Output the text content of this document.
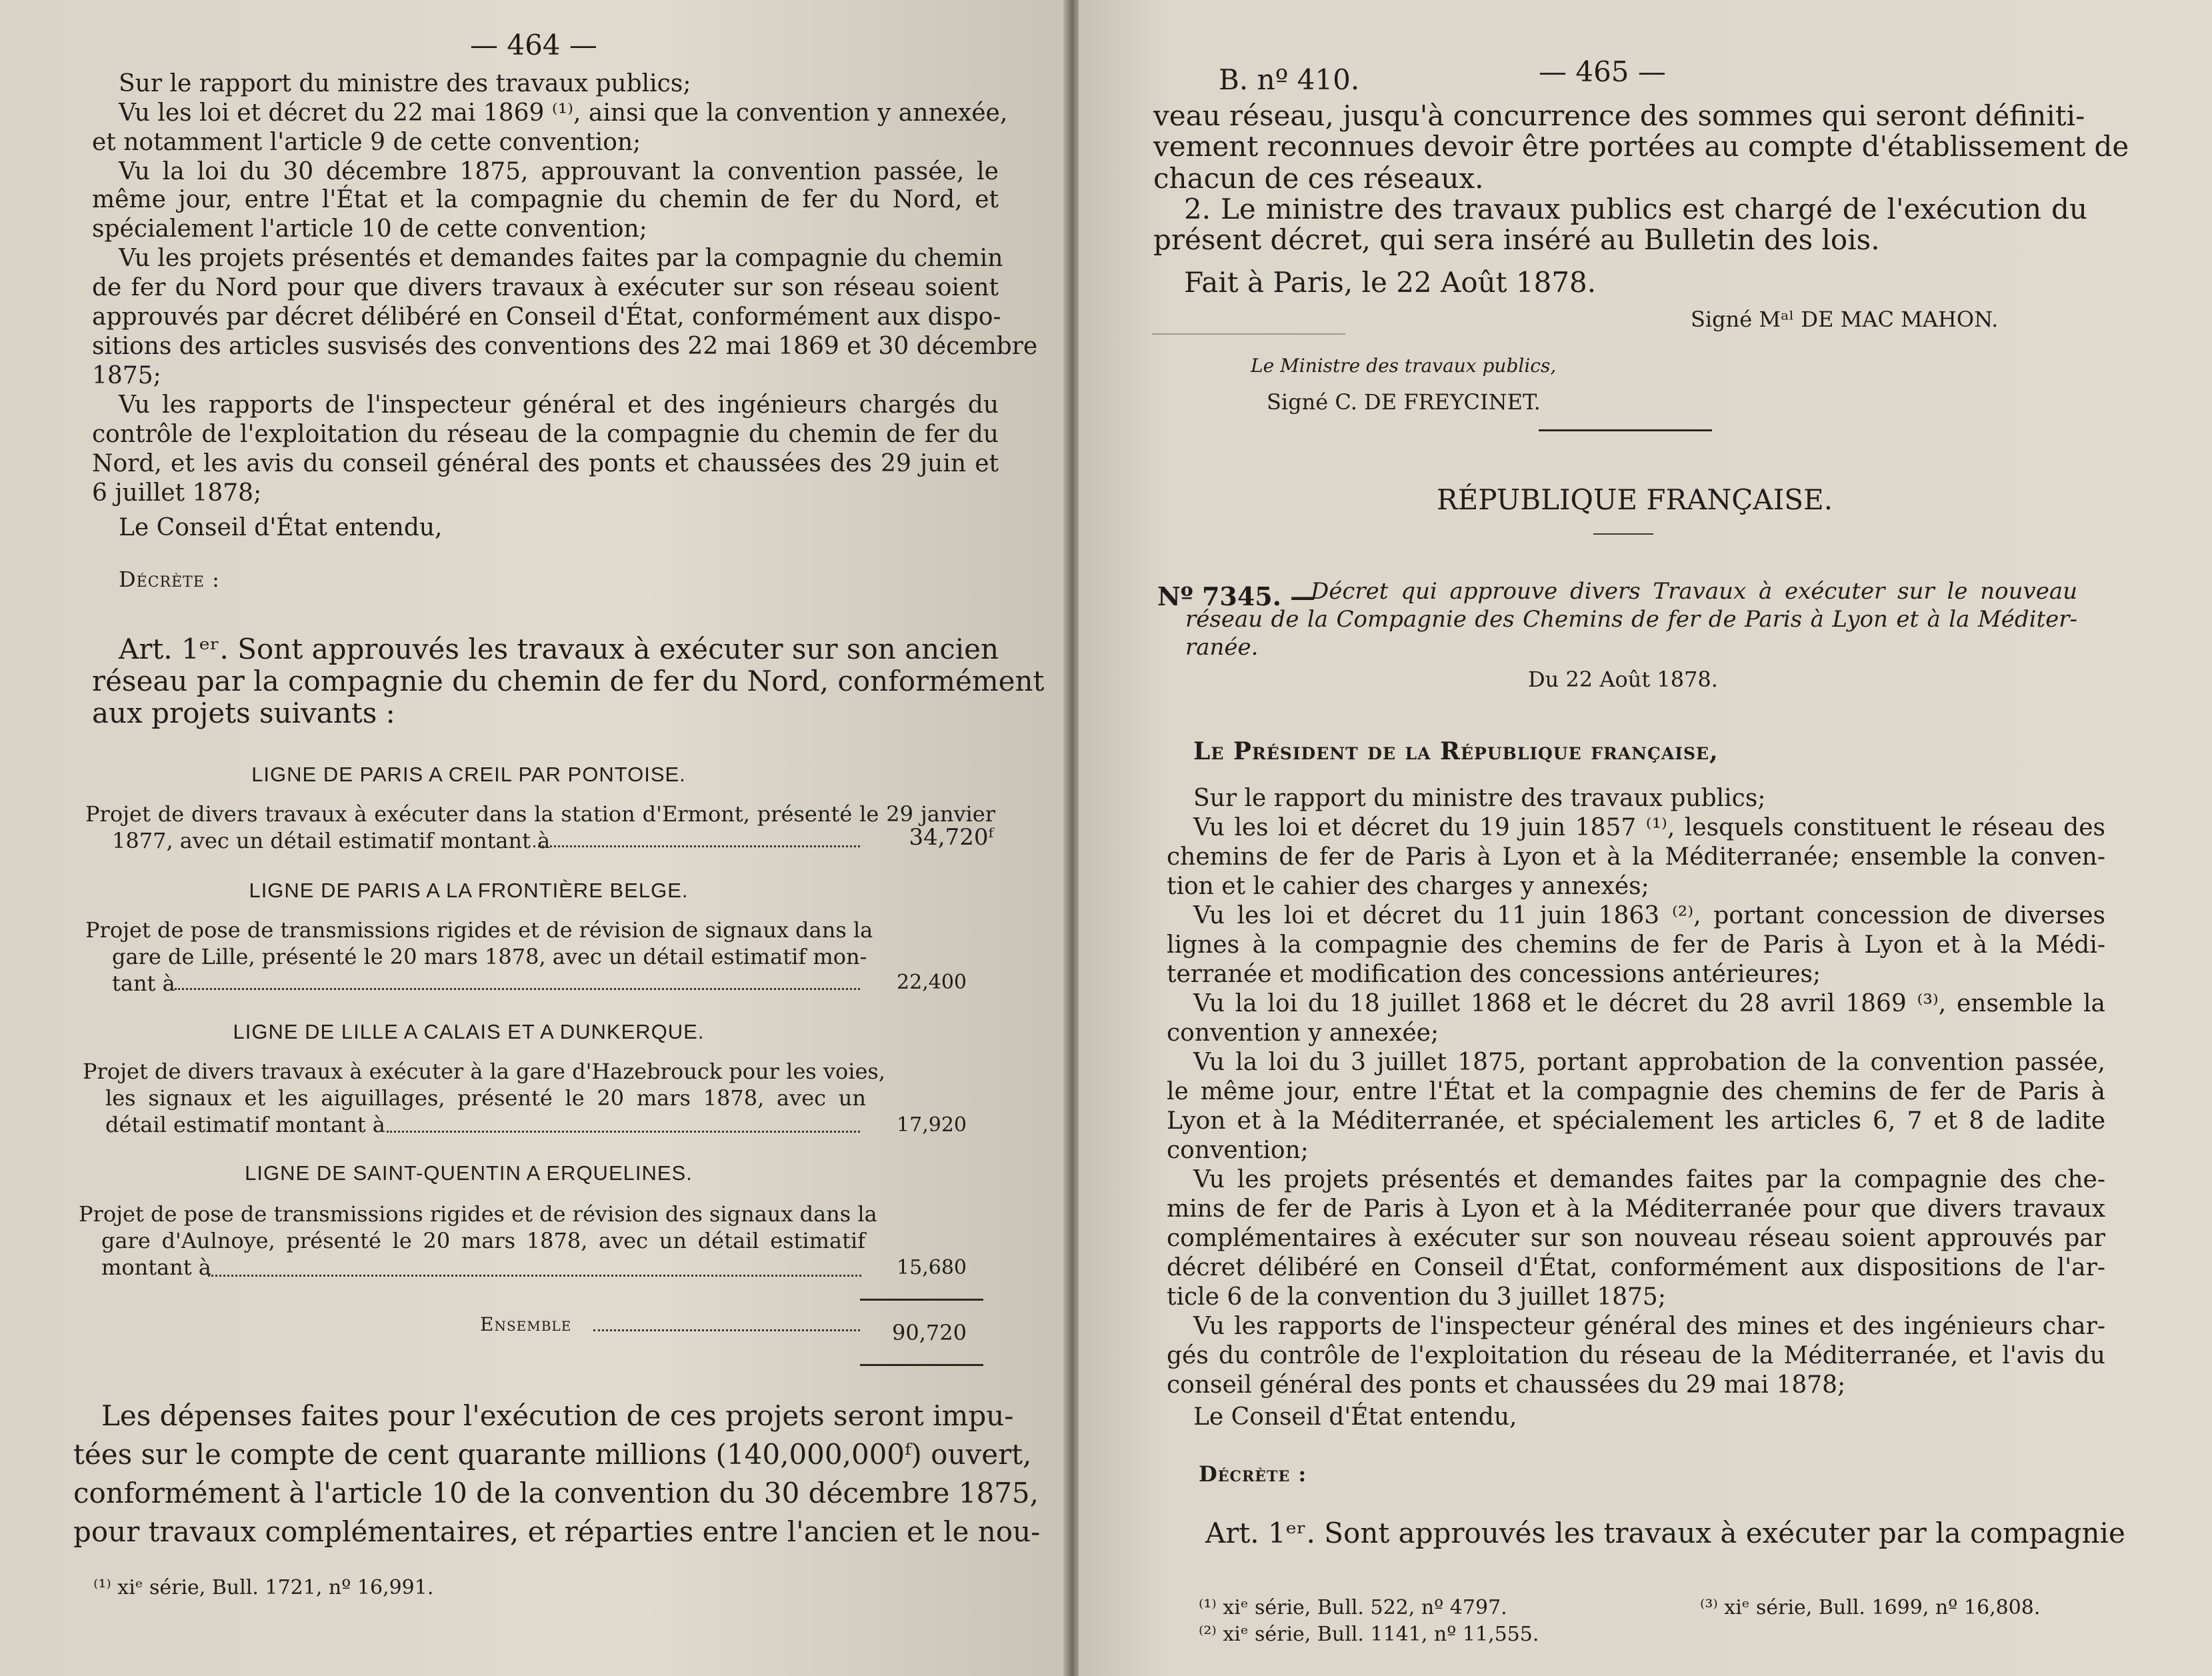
— 464 —
Sur le rapport du ministre des travaux publics;
Vu les loi et décret du 22 mai 1869 ⁽¹⁾, ainsi que la convention y annexée,
et notamment l'article 9 de cette convention;
Vu la loi du 30 décembre 1875, approuvant la convention passée, le
même jour, entre l'État et la compagnie du chemin de fer du Nord, et
spécialement l'article 10 de cette convention;
Vu les projets présentés et demandes faites par la compagnie du chemin
de fer du Nord pour que divers travaux à exécuter sur son réseau soient
approuvés par décret délibéré en Conseil d'État, conformément aux dispo-
sitions des articles susvisés des conventions des 22 mai 1869 et 30 décembre
1875;
Vu les rapports de l'inspecteur général et des ingénieurs chargés du
contrôle de l'exploitation du réseau de la compagnie du chemin de fer du
Nord, et les avis du conseil général des ponts et chaussées des 29 juin et
6 juillet 1878;
Le Conseil d'État entendu,
Décrète :
Art. 1ᵉʳ. Sont approuvés les travaux à exécuter sur son ancien
réseau par la compagnie du chemin de fer du Nord, conformément
aux projets suivants :
LIGNE DE PARIS A CREIL PAR PONTOISE.
Projet de divers travaux à exécuter dans la station d'Ermont, présenté le 29 janvier
1877, avec un détail estimatif montant à	34,720ᶠ
LIGNE DE PARIS A LA FRONTIÈRE BELGE.
Projet de pose de transmissions rigides et de révision de signaux dans la
gare de Lille, présenté le 20 mars 1878, avec un détail estimatif mon-
tant à	22,400
LIGNE DE LILLE A CALAIS ET A DUNKERQUE.
Projet de divers travaux à exécuter à la gare d'Hazebrouck pour les voies,
les signaux et les aiguillages, présenté le 20 mars 1878, avec un
détail estimatif montant à	17,920
LIGNE DE SAINT-QUENTIN A ERQUELINES.
Projet de pose de transmissions rigides et de révision des signaux dans la
gare d'Aulnoye, présenté le 20 mars 1878, avec un détail estimatif
montant à	15,680
Ensemble	90,720
Les dépenses faites pour l'exécution de ces projets seront impu-
tées sur le compte de cent quarante millions (140,000,000ᶠ) ouvert,
conformément à l'article 10 de la convention du 30 décembre 1875,
pour travaux complémentaires, et réparties entre l'ancien et le nou-
⁽¹⁾ xiᵉ série, Bull. 1721, nº 16,991.
B. nº 410.	— 465 —
veau réseau, jusqu'à concurrence des sommes qui seront définiti-
vement reconnues devoir être portées au compte d'établissement de
chacun de ces réseaux.
2. Le ministre des travaux publics est chargé de l'exécution du
présent décret, qui sera inséré au Bulletin des lois.
Fait à Paris, le 22 Août 1878.
Signé Mᵃˡ DE MAC MAHON.
Le Ministre des travaux publics,
Signé C. DE FREYCINET.
RÉPUBLIQUE FRANÇAISE.
Nº 7345. —
Décret qui approuve divers Travaux à exécuter sur le nouveau
réseau de la Compagnie des Chemins de fer de Paris à Lyon et à la Méditer-
ranée.
Du 22 Août 1878.
Le Président de la République française,
Sur le rapport du ministre des travaux publics;
Vu les loi et décret du 19 juin 1857 ⁽¹⁾, lesquels constituent le réseau des
chemins de fer de Paris à Lyon et à la Méditerranée; ensemble la conven-
tion et le cahier des charges y annexés;
Vu les loi et décret du 11 juin 1863 ⁽²⁾, portant concession de diverses
lignes à la compagnie des chemins de fer de Paris à Lyon et à la Médi-
terranée et modification des concessions antérieures;
Vu la loi du 18 juillet 1868 et le décret du 28 avril 1869 ⁽³⁾, ensemble la
convention y annexée;
Vu la loi du 3 juillet 1875, portant approbation de la convention passée,
le même jour, entre l'État et la compagnie des chemins de fer de Paris à
Lyon et à la Méditerranée, et spécialement les articles 6, 7 et 8 de ladite
convention;
Vu les projets présentés et demandes faites par la compagnie des che-
mins de fer de Paris à Lyon et à la Méditerranée pour que divers travaux
complémentaires à exécuter sur son nouveau réseau soient approuvés par
décret délibéré en Conseil d'État, conformément aux dispositions de l'ar-
ticle 6 de la convention du 3 juillet 1875;
Vu les rapports de l'inspecteur général des mines et des ingénieurs char-
gés du contrôle de l'exploitation du réseau de la Méditerranée, et l'avis du
conseil général des ponts et chaussées du 29 mai 1878;
Le Conseil d'État entendu,
Décrète :
Art. 1ᵉʳ. Sont approuvés les travaux à exécuter par la compagnie
⁽¹⁾ xiᵉ série, Bull. 522, nº 4797.
⁽²⁾ xiᵉ série, Bull. 1141, nº 11,555.
⁽³⁾ xiᵉ série, Bull. 1699, nº 16,808.
